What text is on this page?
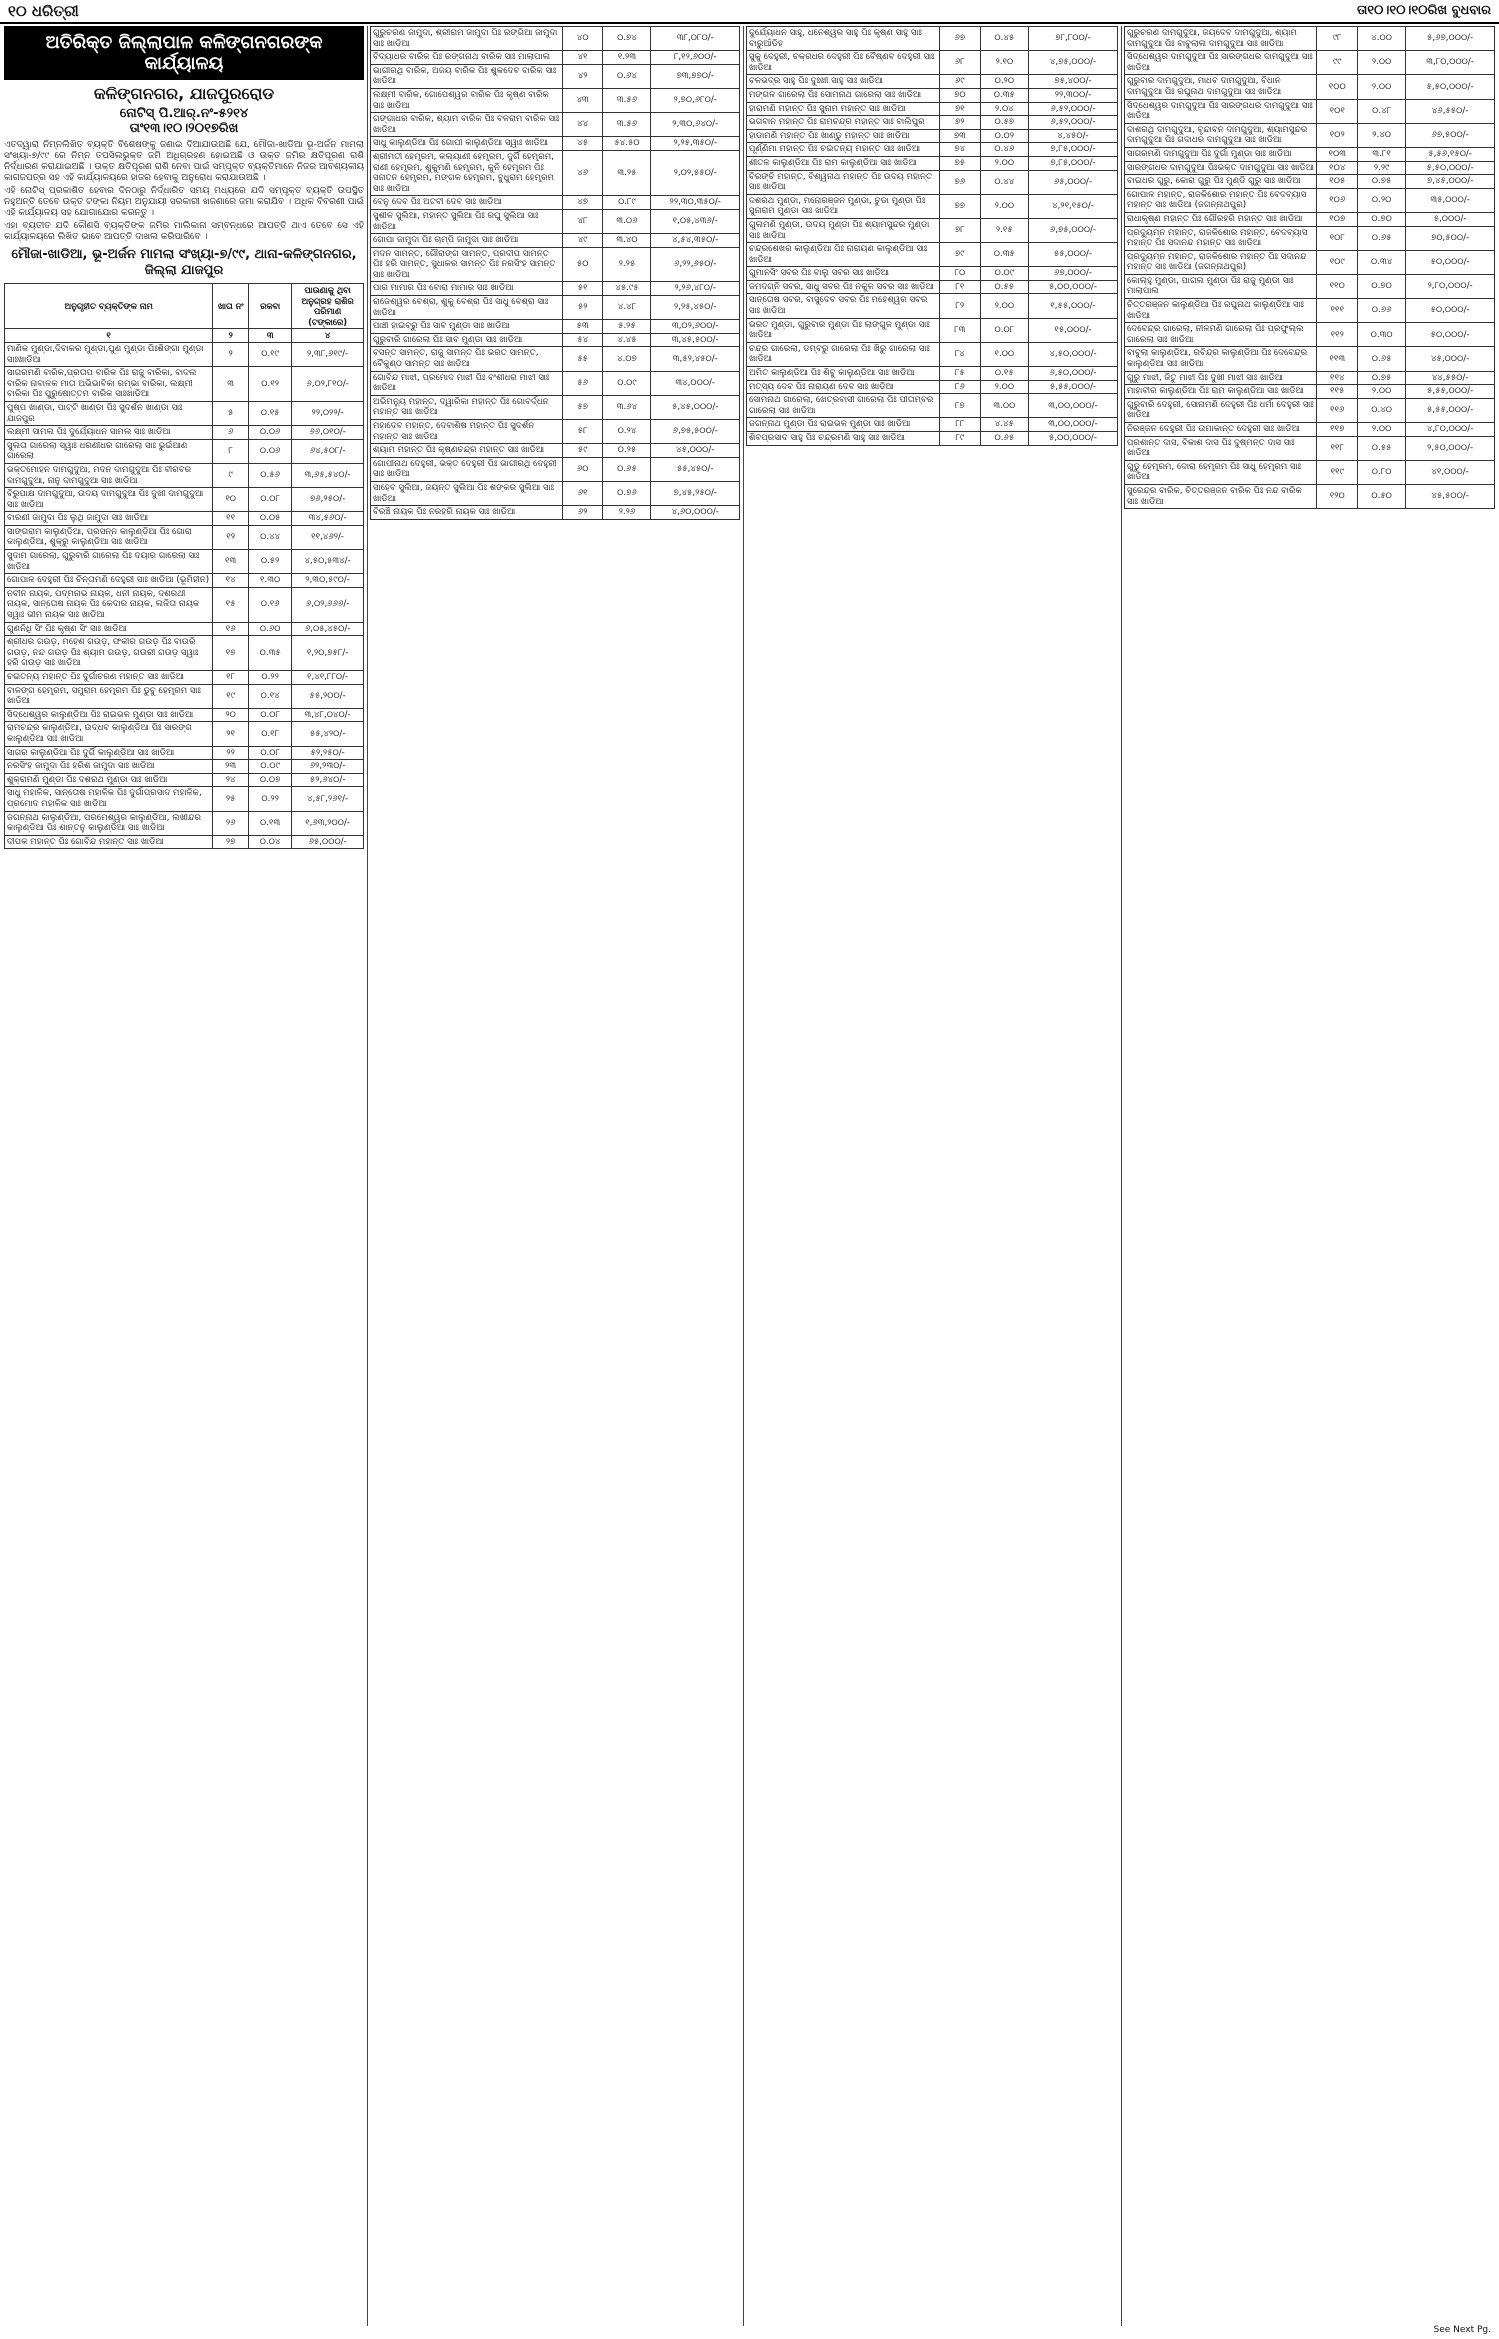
୧୦ ଧରିତ୍ରୀ	ତା୧୦।୧୦।୧୦ରିଖ ବୁଧବାର
ଅତିରିକ୍ତ ଜିଲ୍ଲାପାଳ କଳିଙ୍ଗନଗରଙ୍କ କାର୍ଯ୍ୟାଳୟ
କଳିଙ୍ଗନଗର, ଯାଜପୁରରୋଡ
ନୋଟିସ୍ ପି.ଆର୍.ନଂ-୫୨୧୪
ତାଂ୧୩।୧୦।୨୦୧୭ରିଖ

ଏତଦ୍ୱାରା ନିମ୍ନଲିଖିତ ବ୍ୟକ୍ତି ବିଶେଷଙ୍କୁ ଜଣାଇ ଦିଆଯାଉଅଛି ଯେ, ମୌଜା-ଖାଡିଆ ଭୂ-ଅର୍ଜନ ମାମଲା ସଂଖ୍ୟା-୭/୯୯ ରେ ନିମ୍ନ ତପସିଲଭୁକ୍ତ ଜମି ଅଧିଗ୍ରହଣ ହୋଇଅଛି ଓ ଉକ୍ତ ଜମିର କ୍ଷତିପୂରଣ ରାଶି ନିର୍ଦ୍ଧାରଣ କରାଯାଇଅଛି । ଉକ୍ତ କ୍ଷତିପୂରଣ ରାଶି ନେବା ପାଇଁ ସମ୍ପୃକ୍ତ ବ୍ୟକ୍ତିମାନେ ନିଜର ଆବଶ୍ୟକୀୟ କାଗଜପତ୍ର ସହ ଏହି କାର୍ଯ୍ୟାଳୟରେ ହାଜର ହେବାକୁ ଅନୁରୋଧ କରାଯାଉଅଛି ।

ଏହି ନୋଟିସ୍ ପ୍ରକାଶିତ ହେବାର ଦିନଠାରୁ ନିର୍ଦ୍ଧାରିତ ସମୟ ମଧ୍ୟରେ ଯଦି ସମ୍ପୃକ୍ତ ବ୍ୟକ୍ତି ଉପସ୍ଥିତ ନହୁଅନ୍ତି ତେବେ ଉକ୍ତ ଟଙ୍କା ନିୟମ ଅନୁଯାୟୀ ସରକାରୀ ଖଜଣାରେ ଜମା କରାଯିବ । ଅଧିକ ବିବରଣୀ ପାଇଁ ଏହି କାର୍ଯ୍ୟାଳୟ ସହ ଯୋଗାଯୋଗ କରନ୍ତୁ ।

ଏହା ବ୍ୟତୀତ ଯଦି କୌଣସି ବ୍ୟକ୍ତିଙ୍କ ଜମିର ମାଲିକାନା ସମ୍ବନ୍ଧରେ ଆପତ୍ତି ଥାଏ ତେବେ ସେ ଏହି କାର୍ଯ୍ୟାଳୟରେ ଲିଖିତ ଭାବେ ଆପତ୍ତି ଦାଖଲ କରିପାରିବେ ।

ମୌଜା-ଖାଡିଆ, ଭୂ-ଅର୍ଜନ ମାମଲା ସଂଖ୍ୟା-୭/୯୯, ଥାନା-କଳିଙ୍ଗନଗର, ଜିଲ୍ଲା ଯାଜପୁର
ଅନୁଗୃହୀତ ବ୍ୟକ୍ତିଙ୍କ ନାମ	ଖାତା ନଂ	ରକବା	ପାଉଣାକୁ ଥିବା ଅନୁଗ୍ରହ ରାଶିର ପରିମାଣ (ଟଙ୍କାରେ)
୧	୨	୩	୪
ମାଣିକ ମୁଣ୍ଡା,ଦିବାକର ମୁଣ୍ଡା,ପୁଣ ମୁଣ୍ଡା ପିଃଶିଙ୍ଗା ମୁଣ୍ଡା ସାଃଖାଡିଆ	୨	୦.୧୯	୨,୩୮,୬୧୯/-
ସାଗରମଣି ବାରିକ,ପ୍ରତାପ ବାରିକ ପିଃ ରାଜୁ ବାରିକା, ବାଦଲ ବାରିକ ନାବାଳକ ମାତା ଅଭିଭାବିକା ରମ୍ଭା ବାରିକା, ଲକ୍ଷ୍ମୀ ବାରିକା ପିଃ ପୁରୁଷୋତ୍ତମ ବାରିକ ସାଃଖାଡିଆ	୩	୦.୧୨	୬,୦୨,୮୧୦/-
ପୁଷ୍ପ ଖାଣ୍ଡା, ପାଟ୍ଟି ଖାଣ୍ଡା ପିଃ ସୁଦର୍ଶନ ଖାଣ୍ଡା ସାଃ ଯାଜପୁର	୫	୦.୧୫	୨୨,୦୨୨/-
ଲକ୍ଷ୍ମୀ ସାମଲ ପିଃ ଦୁର୍ଯ୍ୟୋଧନ ସାମଲ ସାଃ ଖାଡିଆ	୬	୦.୦୬	୬୬,୦୧୦/-
ସୁଲତା ଗାରେଲା ସ୍ୱାଃ ଧରଣୀଧର ଗାରେଲା ସାଃ ଭୁଇଁଆଣ ଗାରେଲା	୮	୦.୦୬	୬୪,୫୦୮/-
ଭକ୍ତମୋହନ ଦାମଗୁଦୁଆ, ମଦନ ଦାମଗୁଦୁଆ ପିଃ ବୀରବର ଦାମଗୁଦୁଆ, ନାନୁ ଦାମଗୁଦୁଆ ସାଃ ଖାଡିଆ	୯	୦.୫୬	୩,୬୫,୫୪୦/-
ବିରୁପାକ୍ଷ ଦାମଗୁଦୁଆ, ଉଦୟ ଦାମଗୁଦୁଆ ପିଃ ଦୁଖୀ ଦାମଗୁଦୁଆ ସାଃ ଖାଡିଆ	୧୦	୦.୦୮	୭୬,୨୫୦/-
ବାରଣୀ ଜାମୁଦା ପିଃ ଲୁଥି ଜାମୁଦା ସାଃ ଖାଡିଆ	୧୧	୦.୦୫	୩୪,୫୬୦/-
ସାଙ୍ଗରାମ କାଲୁଣ୍ଡିଆ, ପ୍ରସନ୍ନ କାଲୁଣ୍ଡିଆ ପିଃ ଗୋରା କାଲୁଣ୍ଡିଆ, ଶୁକ୍ରୁ କାଲୁଣ୍ଡିଆ ସାଃ ଖାଡିଆ	୧୨	୦.୪୪	୧୧,୪୬୨/-
ସୁଦାମ ଗାରେଲା, ଗୁରୁବାରି ଗାରେଲା ପିଃ ଦୟାର ଗାରେଲା ସାଃ ଖାଡିଆ	୧୩	୦.୫୨	୪,୫୦,୫୩୪/-
ଗୋପାଳ ଦେହୁରୀ ପିଃ ଚିନ୍ତାମଣି ଦେହୁରୀ ସାଃ ଖାଡିଆ (ଭୂମିହୀନ)	୧୪	୧.୩୦	୨,୩୦,୫୯୦/-
ନବୀନ ନାୟକ, ପଦ୍ମନାଭ ନାୟକ, ଧନୀ ନାୟକ, ଦଶରଥୀ ନାୟକ, ସାନ୍ତୋଷ ନାୟକ ପିଃ କେଦାର ନାୟକ, ଲଳିତା ନାୟକ ସ୍ୱାଃ ଭୀମ ନାୟକ ସାଃ ଖାଡିଆ	୧୫	୦.୧୬	୬,୦୨,୬୬୬/-
ଗୁଣନିଧି ସିଂ ପିଃ କୃଷ୍ଣ ସିଂ ସାଃ ଖାଡିଆ	୧୬	୦.୬୦	୬,୦୫,୪୫୦/-
ଶ୍ରୀଧର ଗଉଡ଼, ମହେଶ ଗଉଡ଼, ଫକୀର ଗଉଡ଼ ପିଃ ବାଉରି ଗଉଡ଼, ନନ୍ଦ ଗଉଡ଼ ପିଃ ଶ୍ୟାମ ଗଉଡ଼, ଗଉରୀ ଗଉଡ଼ ସ୍ୱାଃ ହରି ଗଉଡ଼ ସାଃ ଖାଡିଆ	୧୭	୦.୩୫	୧,୨୦,୭୫୮/-
ଚଇତନ୍ୟ ମହାନ୍ତ ପିଃ ଦୁର୍ଗାଚରଣ ମହାନ୍ତ ସାଃ ଖାଡିଆ	୧୮	୦.୨୨	୧,୪୧,୮୮୦/-
ବାଳଙ୍ଗ ହେମ୍ବ୍ରମ, ସମୁରାମ ହେମ୍ବ୍ରମ ପିଃ ଡୁବୁ ହେମ୍ବ୍ରମ ସାଃ ଖାଡିଆ	୧୯	୦.୧୪	୫୫,୨୦୦/-
ସିଦ୍ଧେଶ୍ୱର କାଲୁଣ୍ଡିଆ ପିଃ ରାଇଭଳ ମୁଣ୍ଡା ସାଃ ଖାଡିଆ	୨୦	୦.୦୮	୩,୪୮,୦୪୦/-
ରାମଚନ୍ଦ୍ର କାଲୁଣ୍ଡିଆ, ଉଦ୍ଧବ କାଲୁଣ୍ଡିଆ ପିଃ ସାରଙ୍ଗ କାଲୁଣ୍ଡିଆ ସାଃ ଖାଡିଆ	୨୧	୦.୧୮	୫୫,୪୨୦/-
ସାଗର କାଲୁଣ୍ଡିଆ ପିଃ ଦୁର୍ଗି କାଲୁଣ୍ଡିଆ ସାଃ ଖାଡିଆ	୨୨	୦.୦୮	୫୨,୨୫୦/-
ନରସିଂହ ଜାମୁଦା ପିଃ ହରିଶ ଜାମୁଦା ସାଃ ଖାଡିଆ	୨୩	୦.୦୯	୬୨,୨୩୦/-
ଶୁକ୍ରାମଣି ମୁଣ୍ଡା ପିଃ ଦଶରଥ ମୁଣ୍ଡା ସାଃ ଖାଡିଆ	୨୪	୦.୦୭	୫୨,୬୪୦/-
ସାଧୁ ମହାଳିକ, ସାନ୍ତୋଷ ମହାଳିକ ପିଃ ଦୁର୍ଗାପ୍ରସାଦ ମହାଳିକ, ପ୍ରମୋଦ ମହାଳିକ ସାଃ ଖାଡିଆ	୨୫	୦.୨୨	୪,୫୮,୨୬୧/-
ଜଗନ୍ନାଥ କାଲୁଣ୍ଡିଆ, ପରମେଶ୍ୱର କାଲୁଣ୍ଡିଆ, ଲଖୀନ୍ଦର କାଲୁଣ୍ଡିଆ ପିଃ ଶାନ୍ତନୁ କାଲୁଣ୍ଡିଆ ସାଃ ଖାଡିଆ	୨୬	୦.୧୩	୧,୬୩,୨୦୦/-
ଦୀପକ ମହାନ୍ତ ପିଃ ଗୋବିନ୍ଦ ମହାନ୍ତ ସାଃ ଖାଡିଆ	୨୭	୦.୦୪	୬୫,୦୦୦/-
ଗୁରୁଚରଣ ଜାମୁଦା, ଶ୍ରୀରାମ ଜାମୁଦା ପିଃ ରଙ୍ଗିଆ ଜାମୁଦା ସାଃ ଖାଡିଆ	୪୦	୦.୭୪	୩୮,୦୮୦/-
ବିଦ୍ୟାଧର ବାରିକ ପିଃ ରଙ୍ଗନାଥ ବାରିକ ସାଃ ମାଲାପାଲ	୪୧	୧.୨୩	୮,୧୨,୬୦୦/-
ଭାଗୀରଥି ବାରିକ, ଅଜୟ ବାରିକ ପିଃ ଶୁକଦେବ ବାରିକ ସାଃ ଖାଡିଆ	୪୨	୦.୬୪	୭୩,୭୭୦/-
ଲକ୍ଷ୍ମୀ ବାରିକ, ଗୋପେଶ୍ୱର ବାରିକ ପିଃ କୃଷ୍ଣ ବାରିକ ସାଃ ଖାଡିଆ	୪୩	୩.୫୬	୨,୭୦,୬୮୦/-
ଗଙ୍ଗାଧର ବାରିକ, ଶ୍ୟାମ ବାରିକ ପିଃ ବଳରାମ ବାରିକ ସାଃ ଖାଡିଆ	୪୪	୩.୫୬	୨,୩୦,୬୪୦/-
ସାଧୁ କାଲୁଣ୍ଡିଆ ପିଃ ଗୋପୀ କାଲୁଣ୍ଡିଆ ସ୍ୱାଃ ଖାଡିଆ	୪୫	୫୪.୫୦	୨,୨୫,୩୫୦/-
ଶ୍ରୀମତୀ ହେମ୍ବ୍ରମ, କଲ୍ୟାଣୀ ହେମ୍ବ୍ରମ, ଦୁର୍ଗି ହେମ୍ବ୍ରମ, ରାଣୀ ହେମ୍ବ୍ରମ, ଶୁକୁମଣି ହେମ୍ବ୍ରମ, କୁନି ହେମ୍ବ୍ରମ ପିଃ ସନାତନ ହେମ୍ବ୍ରମ, ମଙ୍ଗଳ ହେମ୍ବ୍ରମ, ବୁଧୁରାମ ହେମ୍ବ୍ରମ ସାଃ ଖାଡିଆ	୪୬	୩.୨୫	୨,୦୨,୫୫୦/-
ବେନୁ ଦେବ ପିଃ ଅଟବୀ ଦେବ ସାଃ ଖାଡିଆ	୪୭	୦.୮୯	୨୨,୩୦,୩୫୦/-
ସୁଶୀଳ ସୁଲିଆ, ମହାନ୍ତ ସୁଲିଆ ପିଃ ରଘୁ ସୁଲିଆ ସାଃ ଖାଡିଆ	୪୮	୩.୦୬	୧,୦୫,୪୩୬/-
ଗୋପା ଜାମୁଦା ପିଃ ଚାମ୍ପି ଜାମୁଦା ସାଃ ଖାଡିଆ	୪୯	୩.୪୦	୪,୫୪,୩୫୦/-
ମଦନ ସାମନ୍ତ, ଗୌରାଙ୍ଗ ସାମନ୍ତ, ପ୍ରଦୀପ ସାମନ୍ତ ପିଃ ହରି ସାମନ୍ତ, ସୁଧାକର ସାମନ୍ତ ପିଃ ନରସିଂହ ସାମନ୍ତ ସାଃ ଖାଡିଆ	୫୦	୨.୨୫	୬,୨୨,୬୫୦/-
ପାର ମାମାର ପିଃ ବୋରା ମାମାର ସାଃ ଖାଡିଆ	୫୧	୪୫.୯୫	୨,୨୬,୪୮୦/-
ରାଜେଶ୍ୱର ବେଶ୍ରା, ଶୁକୁ ବେଶ୍ରା ପିଃ ସାଧୁ ବେଶ୍ରା ସାଃ ଖାଡିଆ	୫୨	୪.୪୮	୨,୨୫,୪୫୦/-
ପାଞ୍ଚୀ ହାଇବ୍ରୁ ପିଃ ସାବ ମୁଣ୍ଡା ସାଃ ଖାଡିଆ	୫୩	୫.୨୫	୩,୦୨,୬୦୦/-
ଗୁରୁବାରି ଗାରେଲା ପିଃ ସାବ ମୁଣ୍ଡା ସାଃ ଖାଡିଆ	୫୪	୪.୪୫	୩,୪୫,୫୦୦/-
ବସନ୍ତ ସାମନ୍ତ, ରାଜୁ ସାମନ୍ତ ପିଃ ଭରତ ସାମନ୍ତ, ବୈକୁଣ୍ଠ ସାମନ୍ତ ସାଃ ଖାଡିଆ	୫୫	୪.୦୭	୩,୫୨,୪୫୦/-
ଗୋବିନ୍ଦ ମାଝୀ, ପ୍ରମୋଦ ମାଝୀ ପିଃ ବଂଶୀଧର ମାଝୀ ସାଃ ଖାଡିଆ	୫୬	୦.୦୯	୩୪,୦୦୦/-
ଅଭିମନ୍ୟୁ ମହାନ୍ତ, ଦ୍ୱାରିକା ମହାନ୍ତ ପିଃ ଗୋବର୍ଦ୍ଧନ ମହାନ୍ତ ସାଃ ଖାଡିଆ	୫୭	୩.୬୪	୫,୪୫,୦୦୦/-
ମହାଦେବ ମହାନ୍ତ, ଦେବାଶିଷ ମହାନ୍ତ ପିଃ ସୁଦର୍ଶନ ମହାନ୍ତ ସାଃ ଖାଡିଆ	୫୮	୦.୨୪	୬,୭୫,୫୦୦/-
ଶ୍ୟାମ ମହାନ୍ତ ପିଃ କୃଷ୍ଣଚନ୍ଦ୍ର ମହାନ୍ତ ସାଃ ଖାଡିଆ	୫୯	୦.୨୫	୪୫,୦୦୦/-
ଗୋପୀନାଥ ଦେହୁରୀ, ଭକ୍ତ ଦେହୁରୀ ପିଃ ଭାଗୀରଥି ଦେହୁରୀ ସାଃ ଖାଡିଆ	୬୦	୦.୬୫	୫୫,୪୫୦/-
ସାହେବ ସୁଲିଆ, ଜୟନ୍ତ ସୁଲିଆ ପିଃ ଶଙ୍କର ସୁଲିଆ ସାଃ ଖାଡିଆ	୬୧	୦.୭୬	୭,୪୫,୨୫୦/-
ବିରଞ୍ଚି ନାୟକ ପିଃ ନରହରି ନାୟକ ସାଃ ଖାଡିଆ	୬୨	୨.୨୬	୪,୬୦,୦୦୦/-
ଦୁର୍ଯ୍ୟୋଧନ ସାହୁ, ଧନେଶ୍ୱର ସାହୁ ପିଃ କୃଷ୍ଣ ସାହୁ ସାଃ ବାରୁଆଁଡିହ	୬୭	୦.୪୫	୭୮,୮୦୦/-
ସୁକୁ ଦେହୁରୀ, ଚକ୍ରଧର ଦେହୁରୀ ପିଃ ବୈଷ୍ଣବ ଦେହୁରୀ ସାଃ ଖାଡିଆ	୬୮	୨.୧୦	୪,୭୫,୦୦୦/-
ବଳଭଦ୍ର ସାହୁ ପିଃ ଦୁଃଖୀ ସାହୁ ସାଃ ଖାଡିଆ	୬୯	୦.୨୦	୭୫,୪୦୦/-
ମଙ୍ଗଳ ଗାରେଲା ପିଃ ସୋମନାଥ ଗାରେଲା ସାଃ ଖାଡିଆ	୭୦	୦.୩୫	୨୨,୩୦୦/-
ହାରାମଣି ମହାନ୍ତ ପିଃ ସୁନାମ ମହାନ୍ତ ସାଃ ଖାଡିଆ	୭୧	୨.୦୪	୬,୫୨,୦୦୦/-
ଭଗବାନ ମହାନ୍ତ ପିଃ ରାମଚନ୍ଦ୍ର ମହାନ୍ତ ସାଃ ବାଲିପୁର	୭୨	୦.୫୭	୬,୫୨,୦୦୦/-
ହାଡାମଣି ମହାନ୍ତ ପିଃ ଖାଣ୍ଡୁ ମହାନ୍ତ ସାଃ ଖାଡିଆ	୭୩	୦.୦୨	୪,୪୫୦/-
ପୂର୍ଣ୍ଣିମା ମହାନ୍ତ ପିଃ ଚଇତନ୍ୟ ମହାନ୍ତ ସାଃ ଖାଡିଆ	୭୪	୦.୪୬	୭,୮୫,୦୦୦/-
ଶୀତଳ କାଲୁଣ୍ଡିଆ ପିଃ ରାମ କାଲୁଣ୍ଡିଆ ସାଃ ଖାଡିଆ	୭୫	୨.୦୦	୭,୮୫,୦୦୦/-
ବିରଙ୍ଚି ମହାନ୍ତ, ବିଶ୍ୱନାଥ ମହାନ୍ତ ପିଃ ଉଦୟ ମହାନ୍ତ ସାଃ ଖାଡିଆ	୭୬	୦.୪୪	୬୫,୦୦୦/-
ଦଶରଥ ମୁଣ୍ଡା, ମନୋରଞ୍ଜନ ମୁଣ୍ଡା, ଚୁଡା ମୁଣ୍ଡା ପିଃ ସୁନାରାମ ମୁଣ୍ଡା ସାଃ ଖାଡିଆ	୭୭	୨.୦୦	୪,୨୧,୧୫୦/-
ଗୁଲମଣି ମୁଣ୍ଡା, ଉଦୟ ମୁଣ୍ଡା ପିଃ ଶ୍ୟାମସୁନ୍ଦର ମୁଣ୍ଡା ସାଃ ଖାଡିଆ	୭୮	୨.୧୫	୬,୭୫,୦୦୦/-
ଚନ୍ଦ୍ରଶେଖର କାଲୁଣ୍ଡିଆ ପିଃ ନାରାୟଣ କାଲୁଣ୍ଡିଆ ସାଃ ଖାଡିଆ	୭୯	୦.୩୫	୫୫,୦୦୦/-
ଗୁମାନସିଂ ସବର ପିଃ ବାଲୁ ସବର ସାଃ ଖାଡିଆ	୮୦	୦.୦୯	୬୭,୦୦୦/-
ଜମଦଗ୍ନି ସବର, ସାଧୁ ସବର ପିଃ ନକୁଳ ସବର ସାଃ ଖାଡିଆ	୮୧	୦.୫୫	୫,୦୦,୦୦୦/-
ସାନ୍ତୋଷ ସବର, ବାସୁଦେବ ସବର ପିଃ ମହେଶ୍ୱର ସବର ସାଃ ଖାଡିଆ	୮୨	୨.୦୦	୧,୫୫,୦୦୦/-
ଭରତ ମୁଣ୍ଡା, ଗୁରୁବାର ମୁଣ୍ଡା ପିଃ ଲାଙ୍ଗୁଳ ମୁଣ୍ଡା ସାଃ ଖାଡିଆ	୮୩	୦.୦୮	୧୫,୦୦୦/-
ଚନ୍ଦ୍ର ଗାରେଲା, ଡମ୍ବରୁ ଗାରେଲା ପିଃ ଖିରୁ ଗାରେଲା ସାଃ ଖାଡିଆ	୮୪	୧.୦୦	୪,୫୦,୦୦୦/-
ଅମିତ କାଲୁଣ୍ଡିଆ ପିଃ ଶିବୁ କାଲୁଣ୍ଡିଆ ସାଃ ଖାଡିଆ	୮୫	୦.୧୫	୬,୫୦,୦୦୦/-
ମତ୍ସ୍ୟ ଦେବ ପିଃ ନାରାୟଣ ଦେବ ସାଃ ଖାଡିଆ	୮୬	୨.୦୦	୫,୫୫,୦୦୦/-
ସୋମନାଥ ଗାରେଲା, ଖେତ୍ରବାସୀ ଗାରେଲା ପିଃ ପୀତାମ୍ବର ଗାରେଲା ସାଃ ଖାଡିଆ	୮୭	୩.୦୦	୩,୦୦,୦୦୦/-
ଜଗନ୍ନାଥ ମୁଣ୍ଡା ପିଃ ରାଇଭଳ ମୁଣ୍ଡା ସାଃ ଖାଡିଆ	୮୮	୪.୪୫	୩,୦୦,୦୦୦/-
ଶିବପ୍ରସାଦ ସାହୁ ପିଃ ଚନ୍ଦ୍ରମଣି ସାହୁ ସାଃ ଖାଡିଆ	୮୯	୦.୬୫	୫,୦୦,୦୦୦/-
ଗୁରୁଚରଣ ଦାମଗୁଦୁଆ, ଜୟଦେବ ଦାମଗୁଦୁଆ, ଶ୍ୟାମ ଦାମଗୁଦୁଆ ପିଃ ବାବୁଲାଲ ଦାମଗୁଦୁଆ ସାଃ ଖାଡିଆ	୯୮	୪.୦୦	୫,୬୭,୦୦୦/-
ସିଦ୍ଧେଶ୍ୱର ଦାମଗୁଦୁଆ ପିଃ ସାରଙ୍ଗଧର ଦାମଗୁଦୁଆ ସାଃ ଖାଡିଆ	୯୯	୨.୦୦	୩,୮୦,୦୦୦/-
ଗୁରୁବାର ଦାମଗୁଦୁଆ, ମାଧବ ଦାମଗୁଦୁଆ, ବିଧାନ ଦାମଗୁଦୁଆ ପିଃ ରଘୁନାଥ ଦାମଗୁଦୁଆ ସାଃ ଖାଡିଆ	୧୦୦	୨.୦୦	୫,୫୦,୦୦୦/-
ସିଦ୍ଧେଶ୍ୱର ଦାମଗୁଦୁଆ ପିଃ ସାରଙ୍ଗଧର ଦାମଗୁଦୁଆ ସାଃ ଖାଡିଆ	୧୦୧	୦.୪୮	୪୬,୫୫୦/-
ଦାଶରଥି ଦାମଗୁଦୁଆ, ବୃନ୍ଦାବନ ଦାମଗୁଦୁଆ, ଶ୍ୟାମସୁନ୍ଦର ଦାମଗୁଦୁଆ ପିଃ ଗଦାଧର ଦାମଗୁଦୁଆ ସାଃ ଖାଡିଆ	୧୦୨	୨.୪୦	୬୭,୫୦୦/-
ସାଗରମଣି ଦାମଗୁଦୁଆ ପିଃ ଦୁର୍ଗା ମୁଣ୍ଡା ସାଃ ଖାଡିଆ	୧୦୩	୩.୮୧	୫,୫୬,୧୫୦/-
ସାରଙ୍ଗଧର ଦାମଗୁଦୁଆ ପିଃଭକ୍ତ ଦାମଗୁଦୁଆ ସାଃ ଖାଡିଆ	୧୦୪	୨.୨୯	୫,୫୦,୦୦୦/-
ବାଇଧର ଗୁରୁ, କୋରା ଗୁରୁ ପିଃ ମୁଣ୍ଡି ଗୁରୁ ସାଃ ଖାଡିଆ	୧୦୫	୦.୭୫	୭,୪୫,୦୦୦/-
ଗୋପାଳ ମହାନ୍ତ, ରାଜକିଶୋର ମହାନ୍ତ ପିଃ ବେଦବ୍ୟାସ ମହାନ୍ତ ସାଃ ଖାଡିଆ (ଜଗନ୍ନାଥପୁର)	୧୦୬	୦.୨୦	୩୫,୦୦୦/-
ରାଧାକୃଷ୍ଣ ମହାନ୍ତ ପିଃ ଗୌରହରି ମହାନ୍ତ ସାଃ ଖାଡିଆ	୧୦୭	୦.୭୦	୫,୦୦୦/-
ପ୍ରଦ୍ୟୁମ୍ନ ମହାନ୍ତ, ରାଜକିଶୋର ମହାନ୍ତ, ବେଦବ୍ୟାସ ମହାନ୍ତ ପିଃ ସଦାନନ୍ଦ ମହାନ୍ତ ସାଃ ଖାଡିଆ	୧୦୮	୦.୬୫	୭୦,୫୦୦/-
ପ୍ରଦ୍ୟୁମ୍ନ ମହାନ୍ତ, ରାଜକିଶୋର ମହାନ୍ତ ପିଃ ସଦାନନ୍ଦ ମହାନ୍ତ ସାଃ ଖାଡିଆ (ଜଗନ୍ନାଥପୁର)	୧୦୯	୦.୩୪	୫୦,୦୦୦/-
କୋଲ୍ହୁ ମୁଣ୍ଡା, ପାଗଲ ମୁଣ୍ଡା ପିଃ ରାଜୁ ମୁଣ୍ଡା ସାଃ ମାଲାପାଲ	୧୧୦	୦.୭୦	୨,୮୦,୦୦୦/-
ଚିତ୍ତରଞ୍ଜନ କାଲୁଣ୍ଡିଆ ପିଃ ରଘୁନାଥ କାଲୁଣ୍ଡିଆ ସାଃ ଖାଡିଆ	୧୧୧	୦.୬୬	୫୦,୦୦୦/-
ଦେବେନ୍ଦ୍ର ଗାରେଲା, ନୀଳମଣି ଗାରେଲା ପିଃ ପ୍ରଫୁଲ୍ଲ ଗାରେଲା ସାଃ ଖାଡିଆ	୧୧୨	୦.୩୦	୫୦,୦୦୦/-
ବାବୁଲା କାଲୁଣ୍ଡିଆ, ରବିନ୍ଦ୍ର କାଲୁଣ୍ଡିଆ ପିଃ ଦେବେନ୍ଦ୍ର କାଲୁଣ୍ଡିଆ ସାଃ ଖାଡିଆ	୧୧୩	୦.୬୫	୪୫,୦୦୦/-
ଗୁରୁ ମାଝୀ, ଜିତୁ ମାଝୀ ପିଃ ଦୁଖୀ ମାଝୀ ସାଃ ଖାଡିଆ	୧୧୪	୦.୭୫	୪୪,୫୫୦/-
ମାହାବୀର କାଲୁଣ୍ଡିଆ ପିଃ ରାମ କାଲୁଣ୍ଡିଆ ସାଃ ଖାଡିଆ	୧୧୫	୨.୦୦	୫,୫୫,୦୦୦/-
ଗୁରୁବାରି ଦେହୁରୀ, ସୋନାମଣି ଦେହୁରୀ ପିଃ ଧର୍ମା ଦେହୁରୀ ସାଃ ଖାଡିଆ	୧୧୬	୦.୪୦	୫,୫୫,୦୦୦/-
ନିରଞ୍ଜନ ଦେହୁରୀ ପିଃ ଉମାକାନ୍ତ ଦେହୁରୀ ସାଃ ଖାଡିଆ	୧୧୭	୨.୦୦	୪,୮୦,୦୦୦/-
ପ୍ରଶାନ୍ତ ଦାସ, ବିକାଶ ଦାସ ପିଃ ଦୁଷ୍ମନ୍ତ ଦାସ ସାଃ ଖାଡିଆ	୧୧୮	୦.୫୫	୨,୫୦,୦୦୦/-
ଗୁଡୁ ହେମ୍ବ୍ରମ, ଦୋରା ହେମ୍ବ୍ରମ ପିଃ ସାଧୁ ହେମ୍ବ୍ରମ ସାଃ ଖାଡିଆ	୧୧୯	୦.୮୦	୪୧,୦୦୦/-
ସୁରେନ୍ଦ୍ର ବାରିକ, ଚିତ୍ତରଞ୍ଜନ ବାରିକ ପିଃ ନନ୍ଦ ବାରିକ ସାଃ ଖାଡିଆ	୧୨୦	୦.୫୦	୪୫,୫୦୦/-
See Next Pg.
